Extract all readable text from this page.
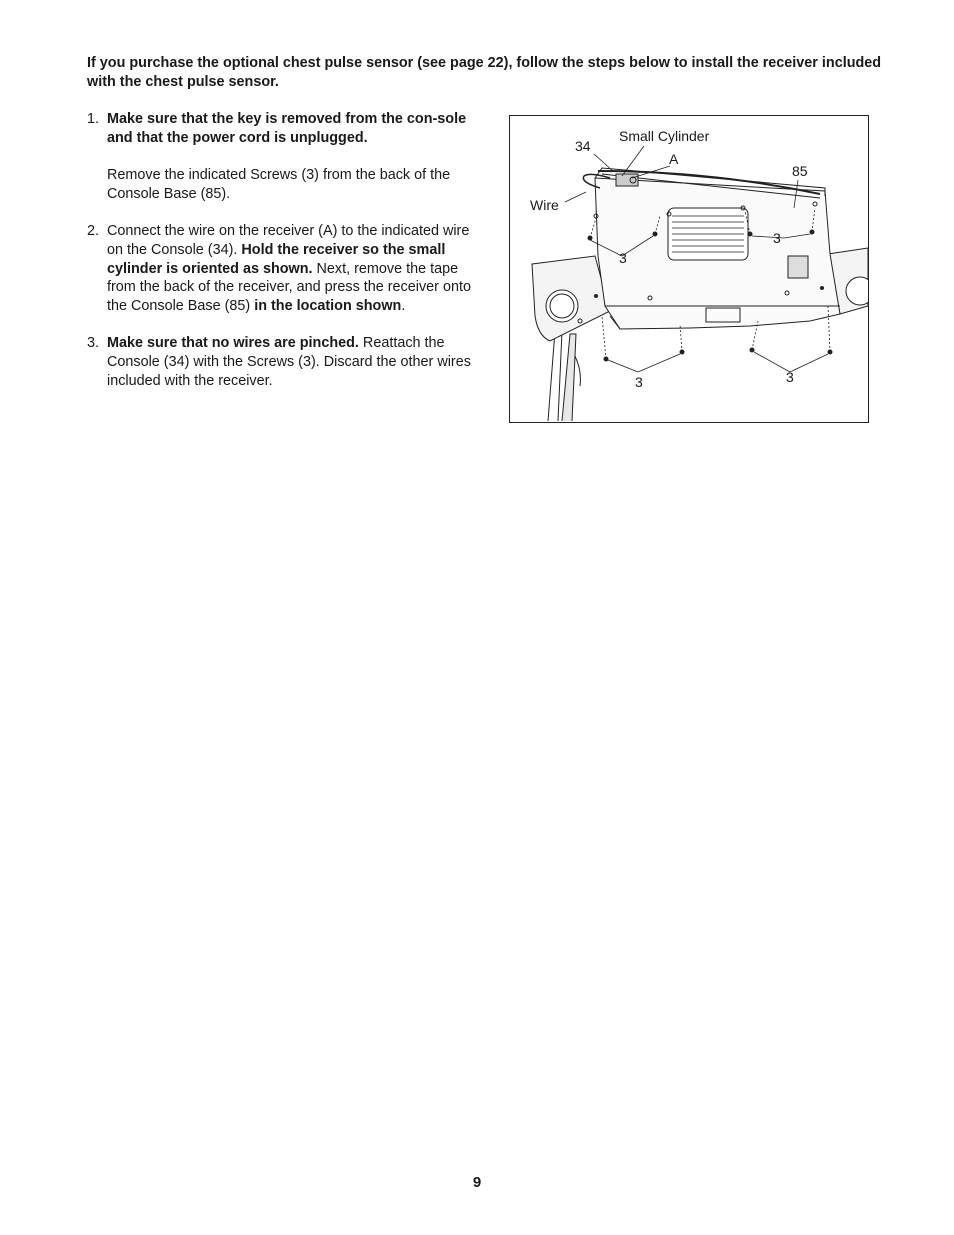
If you purchase the optional chest pulse sensor (see page 22), follow the steps below to install the receiver included with the chest pulse sensor.
1. Make sure that the key is removed from the con-sole and that the power cord is unplugged.

Remove the indicated Screws (3) from the back of the Console Base (85).

2. Connect the wire on the receiver (A) to the indicated wire on the Console (34). Hold the receiver so the small cylinder is oriented as shown. Next, remove the tape from the back of the receiver, and press the receiver onto the Console Base (85) in the location shown.

3. Make sure that no wires are pinched. Reattach the Console (34) with the Screws (3). Discard the other wires included with the receiver.

34
Small Cylinder
A
85
Wire
3
3
3	3
9
